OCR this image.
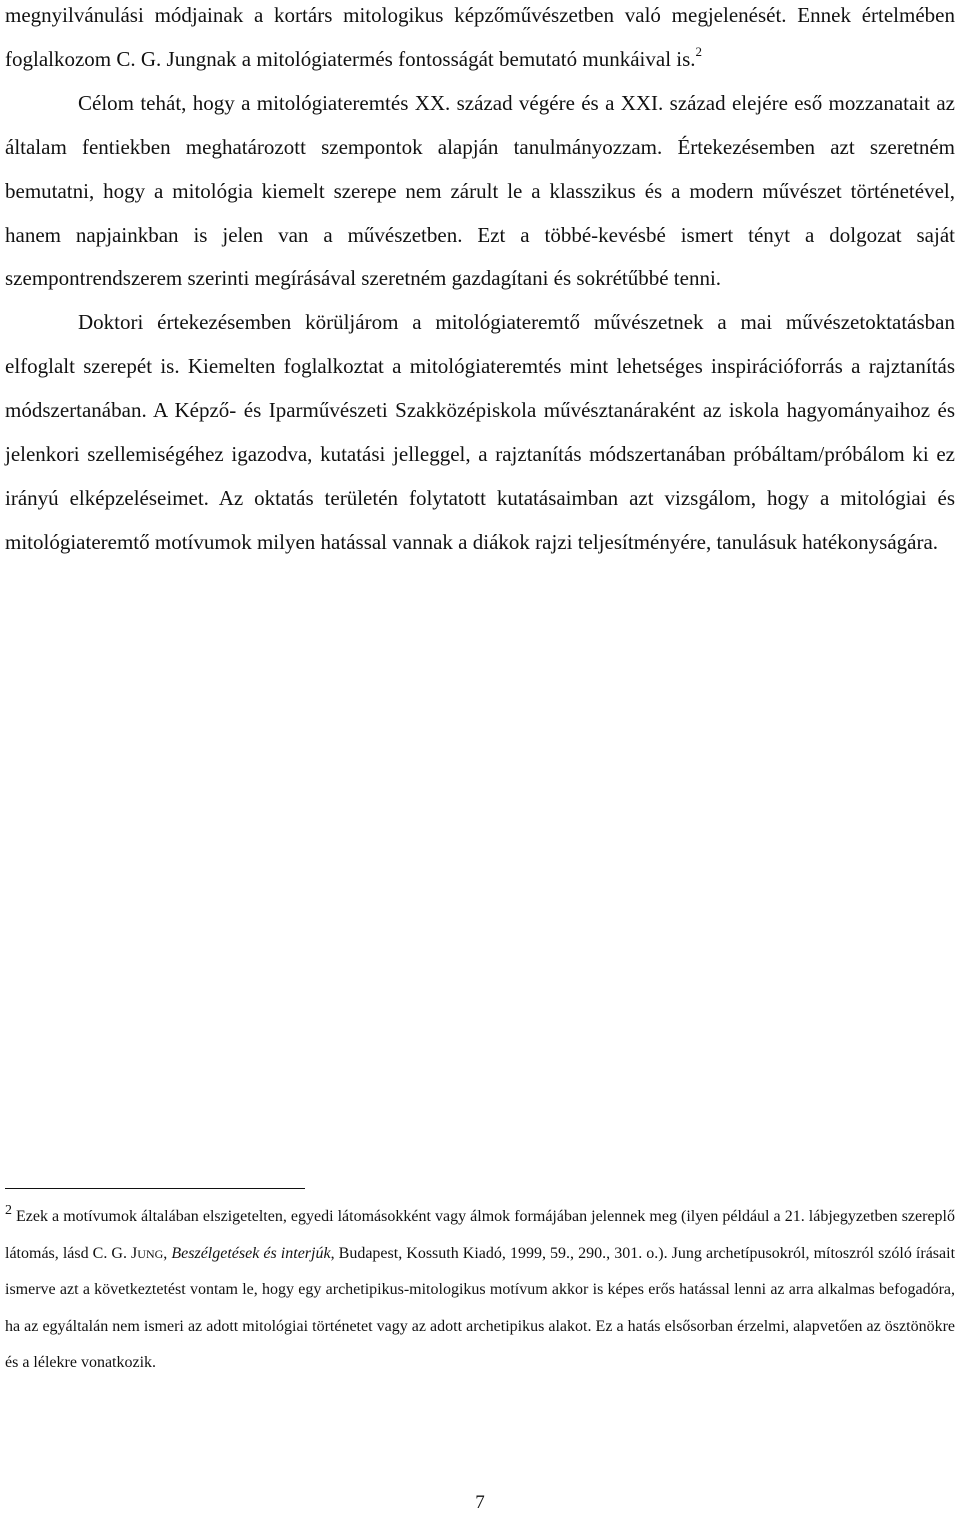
megnyilvánulási módjainak a kortárs mitologikus képzőművészetben való megjelenését. Ennek értelmében foglalkozom C. G. Jungnak a mitológiatermés fontosságát bemutató munkáival is.$^2$

Célom tehát, hogy a mitológiateremtés XX. század végére és a XXI. század elejére eső mozzanatait az általam fentiekben meghatározott szempontok alapján tanulmányozzam. Értekezésemben azt szeretném bemutatni, hogy a mitológia kiemelt szerepe nem zárult le a klasszikus és a modern művészet történetével, hanem napjainkban is jelen van a művészetben. Ezt a többé-kevésbé ismert tényt a dolgozat saját szempontrendszerem szerinti megírásával szeretném gazdagítani és sokrétűbbé tenni.

Doktori értekezésemben körüljárom a mitológiateremtő művészetnek a mai művészetoktatásban elfoglalt szerepét is. Kiemelten foglalkoztat a mitológiateremtés mint lehetséges inspirációforrás a rajztanítás módszertanában. A Képző- és Iparművészeti Szakközépiskola művésztanáraként az iskola hagyományaihoz és jelenkori szellemiségéhez igazodva, kutatási jelleggel, a rajztanítás módszertanában próbáltam/próbálom ki ez irányú elképzeléseimet. Az oktatás területén folytatott kutatásaimban azt vizsgálom, hogy a mitológiai és mitológiateremtő motívumok milyen hatással vannak a diákok rajzi teljesítményére, tanulásuk hatékonyságára.

2 Ezek a motívumok általában elszigetelten, egyedi látomásokként vagy álmok formájában jelennek meg (ilyen például a 21. lábjegyzetben szereplő látomás, lásd C. G. JUNG, Beszélgetések és interjúk, Budapest, Kossuth Kiadó, 1999, 59., 290., 301. o.). Jung archetípusokról, mítoszról szóló írásait ismerve azt a következtetést vontam le, hogy egy archetipikus-mitologikus motívum akkor is képes erős hatással lenni az arra alkalmas befogadóra, ha az egyáltalán nem ismeri az adott mitológiai történetet vagy az adott archetipikus alakot. Ez a hatás elsősorban érzelmi, alapvetően az ösztönökre és a lélekre vonatkozik.

7
